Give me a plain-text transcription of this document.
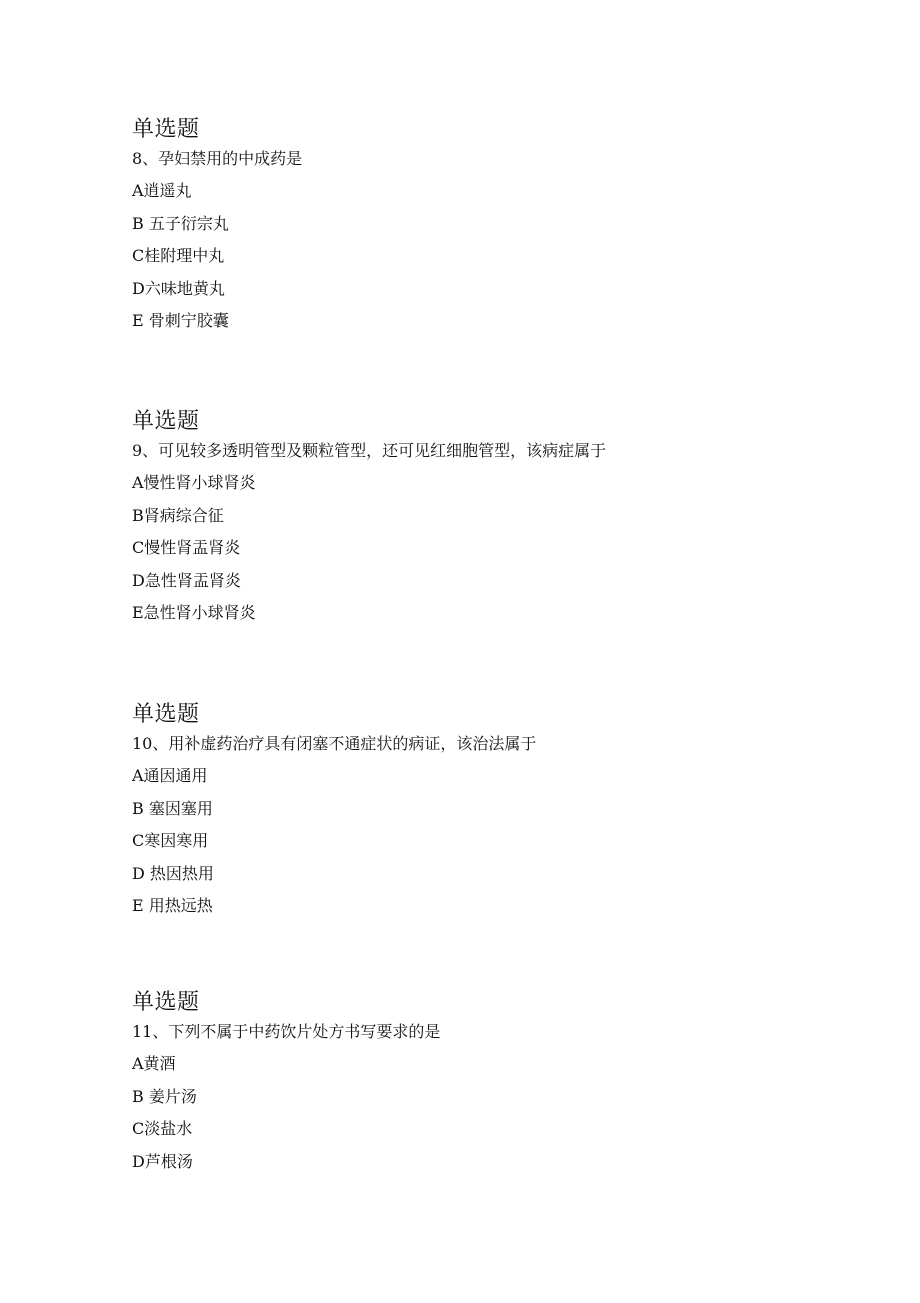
单选题
8、孕妇禁用的中成药是
A逍遥丸
B 五子衍宗丸
C桂附理中丸
D六味地黄丸
E 骨刺宁胶囊
单选题
9、可见较多透明管型及颗粒管型，还可见红细胞管型，该病症属于
A慢性肾小球肾炎
B肾病综合征
C慢性肾盂肾炎
D急性肾盂肾炎
E急性肾小球肾炎
单选题
10、用补虚药治疗具有闭塞不通症状的病证，该治法属于
A通因通用
B 塞因塞用
C寒因寒用
D 热因热用
E 用热远热
单选题
11、下列不属于中药饮片处方书写要求的是
A黄酒
B 姜片汤
C淡盐水
D芦根汤
